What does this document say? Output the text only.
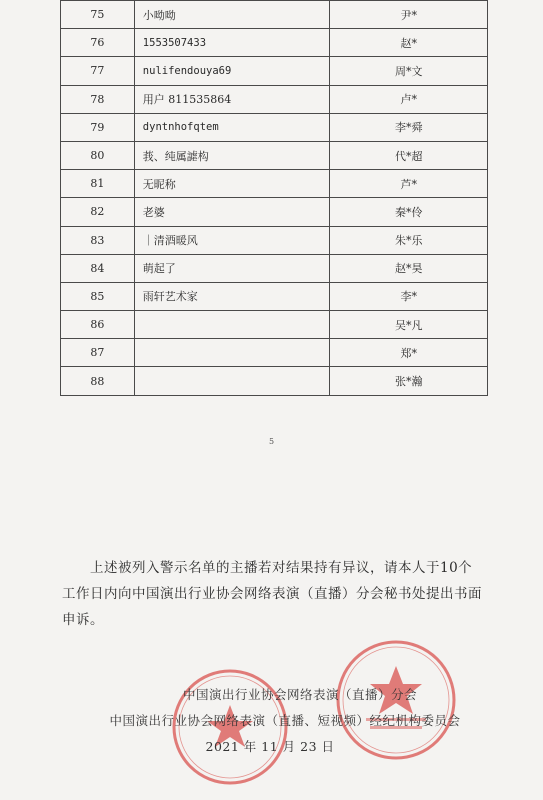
75	小呦呦	尹*
76	1553507433	赵*
77	nulifendouya69	周*文
78	用户 811535864	卢*
79	dyntnhofqtem	李*舜
80	莪、纯属謔构	代*超
81	无昵称	芦*
82	老婆	秦*伶
83	｜清酒暖风	朱*乐
84	萌起了	赵*昊
85	雨轩艺术家	李*
86		吴*凡
87		郑*
88		张*瀚
5
上述被列入警示名单的主播若对结果持有异议，请本人于10个工作日内向中国演出行业协会网络表演（直播）分会秘书处提出书面申诉。
中国演出行业协会网络表演（直播）分会
中国演出行业协会网络表演（直播、短视频）经纪机构委员会
2021 年 11 月 23 日
